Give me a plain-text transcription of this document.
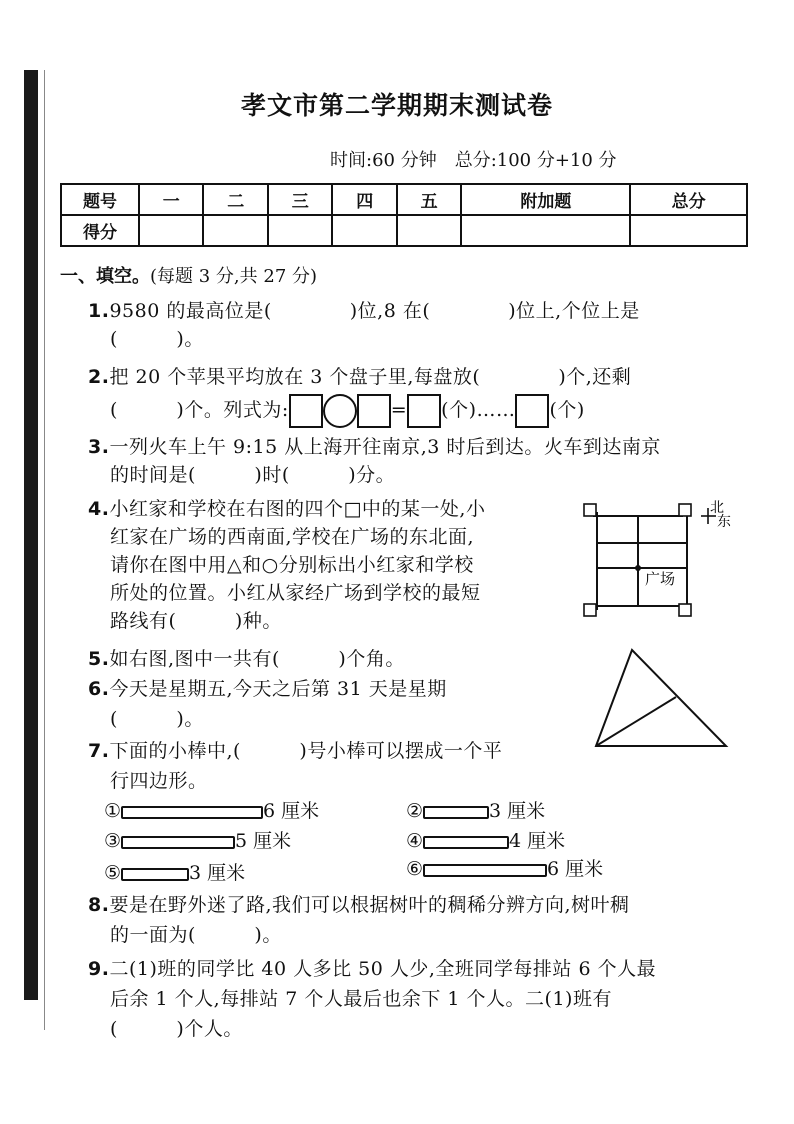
孝文市第二学期期末测试卷
时间:60 分钟　总分:100 分+10 分
题号	一	二	三	四	五	附加题	总分
得分							
一、填空。(每题 3 分,共 27 分)
1.9580 的最高位是(　　　　)位,8 在(　　　　)位上,个位上是
(　　　)。
2.把 20 个苹果平均放在 3 个盘子里,每盘放(　　　　)个,还剩
(　　　)个。列式为:	= (个)…… (个)
3.一列火车上午 9:15 从上海开往南京,3 时后到达。火车到达南京
的时间是(　　　)时(　　　)分。
4.小红家和学校在右图的四个□中的某一处,小
红家在广场的西南面,学校在广场的东北面,
请你在图中用△和○分别标出小红家和学校
所处的位置。小红从家经广场到学校的最短
路线有(　　　)种。
广场
北
东
5.如右图,图中一共有(　　　)个角。
6.今天是星期五,今天之后第 31 天是星期
(　　　)。
7.下面的小棒中,(　　　)号小棒可以摆成一个平
行四边形。
①	6 厘米	②	3 厘米
③	5 厘米	④	4 厘米
⑤	3 厘米	⑥	6 厘米
8.要是在野外迷了路,我们可以根据树叶的稠稀分辨方向,树叶稠
的一面为(　　　)。
9.二(1)班的同学比 40 人多比 50 人少,全班同学每排站 6 个人最
后余 1 个人,每排站 7 个人最后也余下 1 个人。二(1)班有
(　　　)个人。
